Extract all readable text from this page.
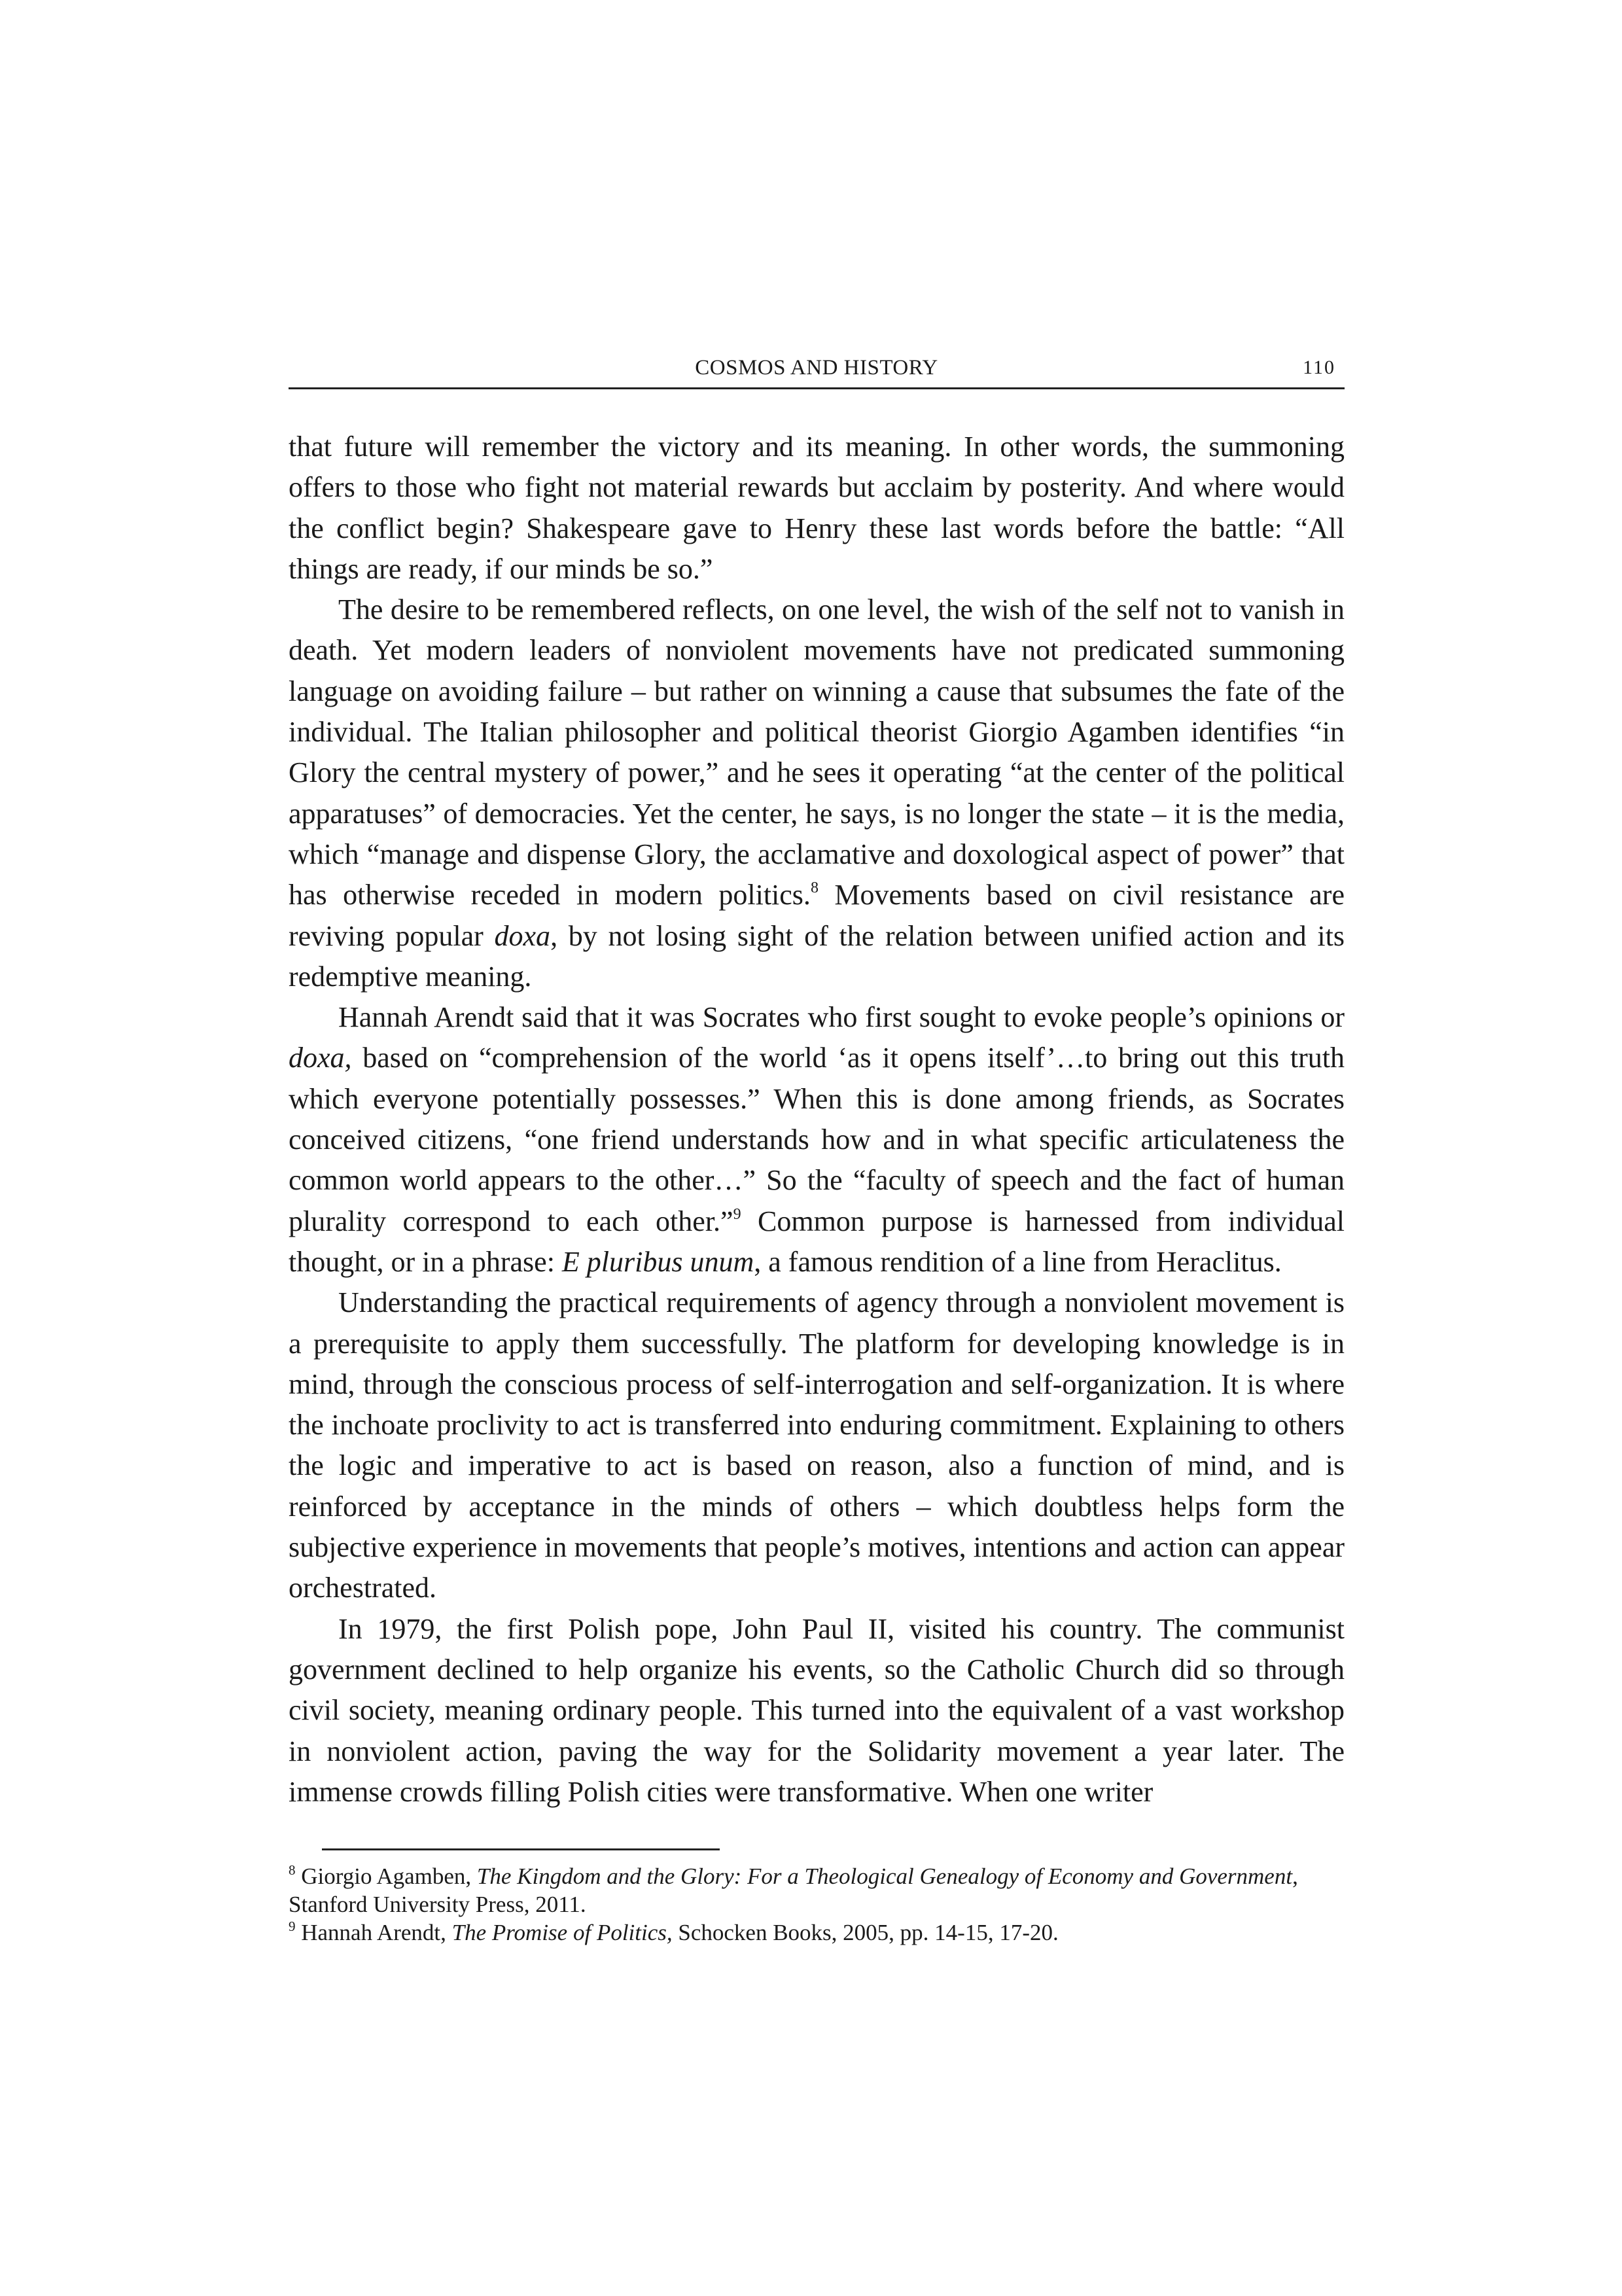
COSMOS AND HISTORY	110

that future will remember the victory and its meaning. In other words, the summoning offers to those who fight not material rewards but acclaim by posterity. And where would the conflict begin? Shakespeare gave to Henry these last words before the battle: “All things are ready, if our minds be so.”

The desire to be remembered reflects, on one level, the wish of the self not to vanish in death. Yet modern leaders of nonviolent movements have not predicated summoning language on avoiding failure – but rather on winning a cause that subsumes the fate of the individual. The Italian philosopher and political theorist Giorgio Agamben identifies “in Glory the central mystery of power,” and he sees it operating “at the center of the political apparatuses” of democracies. Yet the center, he says, is no longer the state – it is the media, which “manage and dispense Glory, the acclamative and doxological aspect of power” that has otherwise receded in modern politics.$^8$ Movements based on civil resistance are reviving popular doxa, by not losing sight of the relation between unified action and its redemptive meaning.

Hannah Arendt said that it was Socrates who first sought to evoke people’s opinions or doxa, based on “comprehension of the world ‘as it opens itself’…to bring out this truth which everyone potentially possesses.” When this is done among friends, as Socrates conceived citizens, “one friend understands how and in what specific articulateness the common world appears to the other…” So the “faculty of speech and the fact of human plurality correspond to each other.”$^9$ Common purpose is harnessed from individual thought, or in a phrase: E pluribus unum, a famous rendition of a line from Heraclitus.

Understanding the practical requirements of agency through a nonviolent movement is a prerequisite to apply them successfully. The platform for developing knowledge is in mind, through the conscious process of self-interrogation and self-organization. It is where the inchoate proclivity to act is transferred into enduring commitment. Explaining to others the logic and imperative to act is based on reason, also a function of mind, and is reinforced by acceptance in the minds of others – which doubtless helps form the subjective experience in movements that people’s motives, intentions and action can appear orchestrated.

In 1979, the first Polish pope, John Paul II, visited his country. The communist government declined to help organize his events, so the Catholic Church did so through civil society, meaning ordinary people. This turned into the equivalent of a vast workshop in nonviolent action, paving the way for the Solidarity movement a year later. The immense crowds filling Polish cities were transformative. When one writer

$^8$ Giorgio Agamben, The Kingdom and the Glory: For a Theological Genealogy of Economy and Government, Stanford University Press, 2011.

$^9$ Hannah Arendt, The Promise of Politics, Schocken Books, 2005, pp. 14-15, 17-20.
